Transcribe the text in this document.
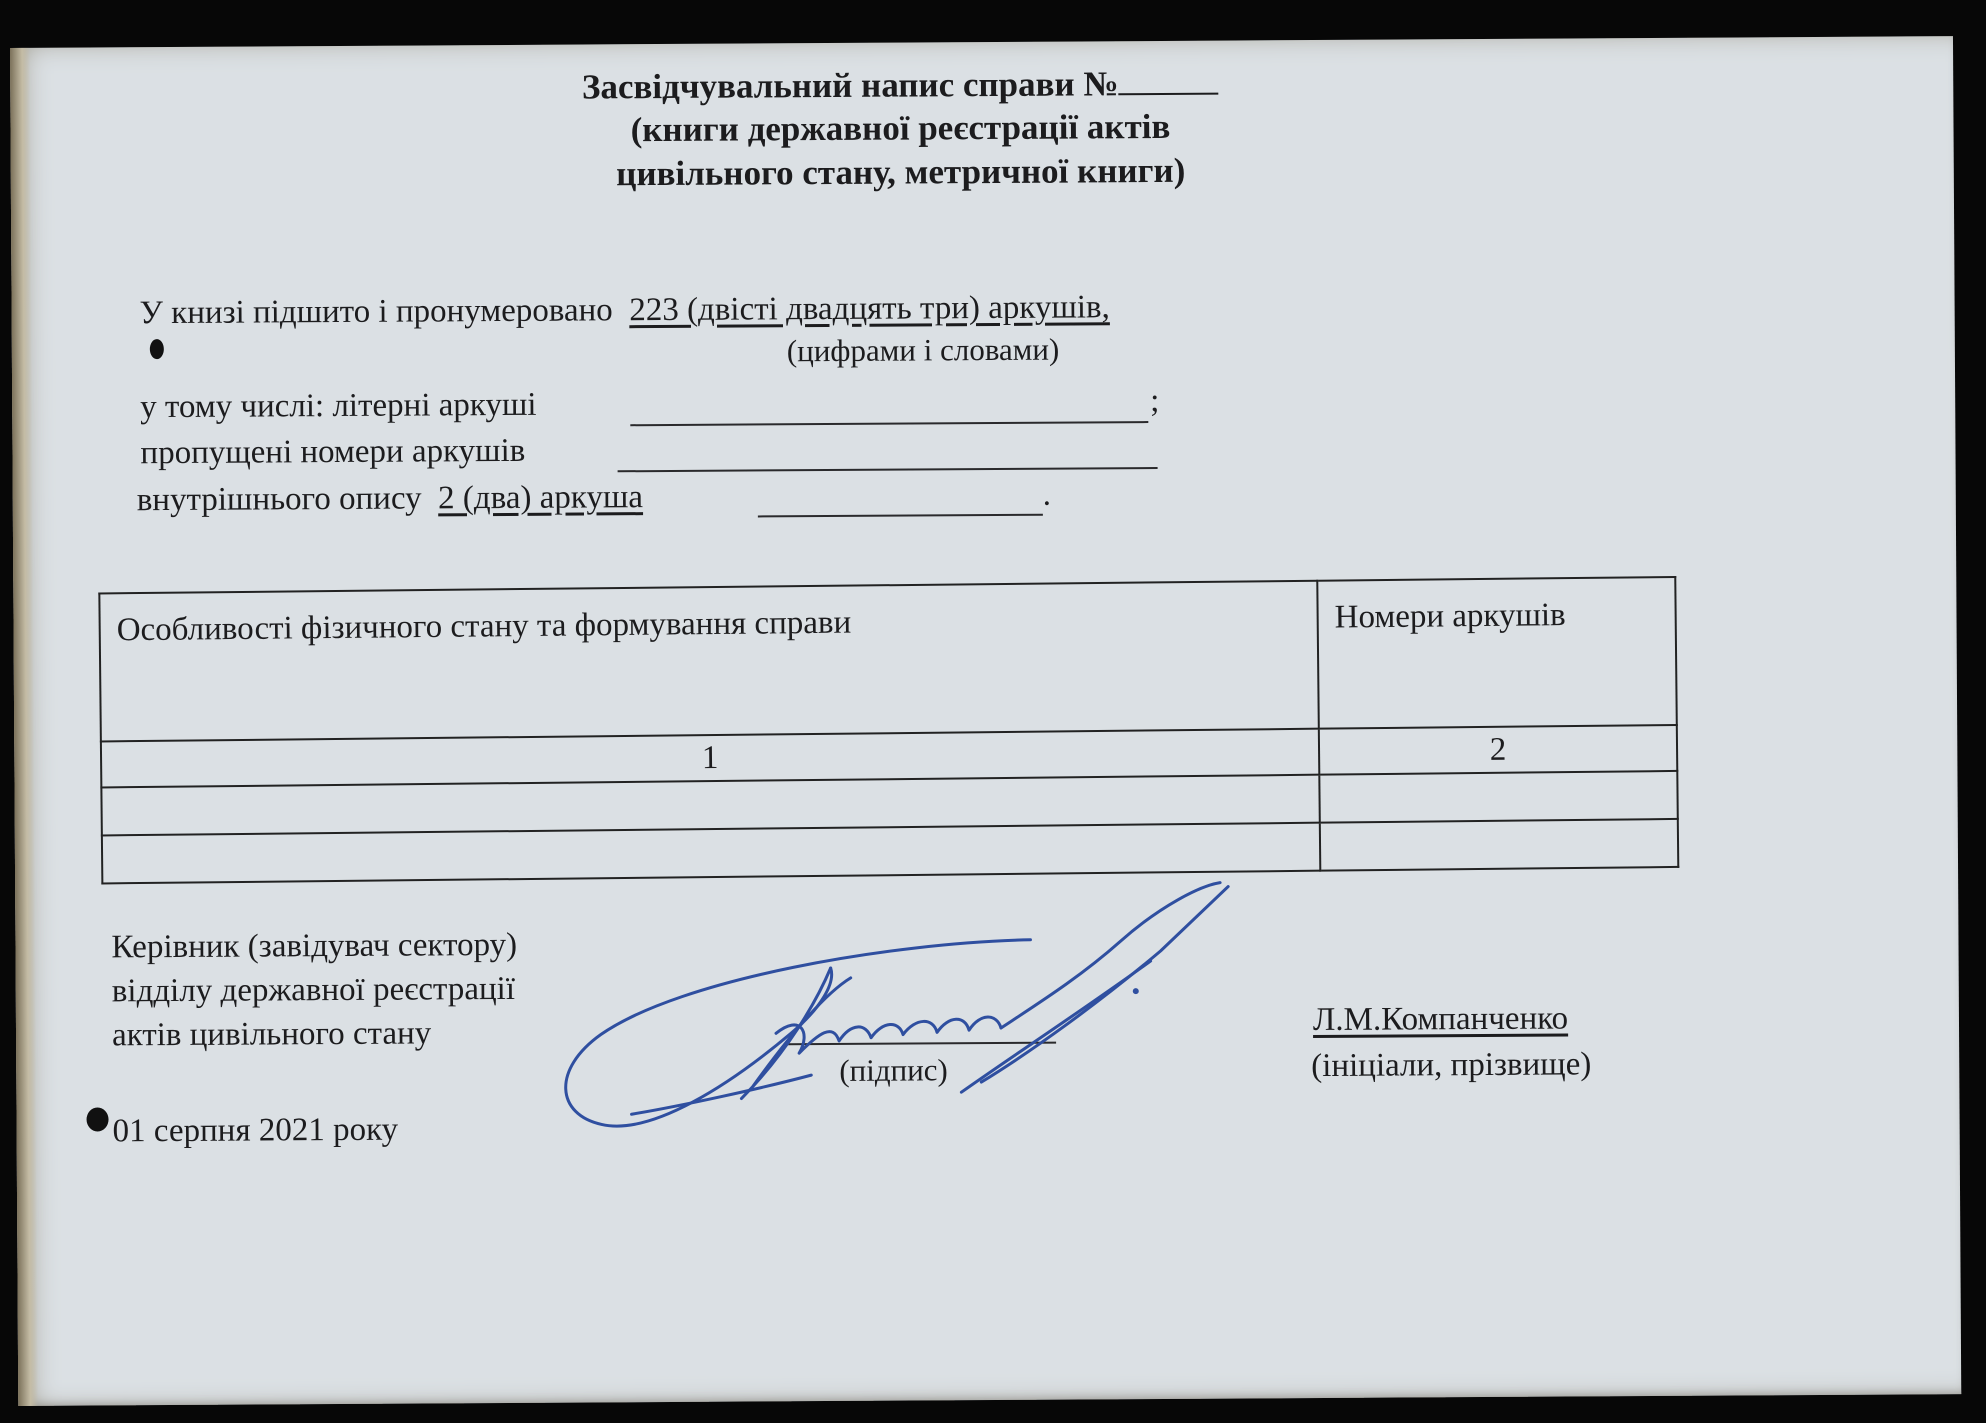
Засвідчувальний напис справи №
(книги державної реєстрації актів
цивільного стану, метричної книги)
У книзі підшито і пронумеровано 223 (двісті двадцять три) аркушів,
(цифрами і словами)
у тому числі: літерні аркуші	;
пропущені номери аркушів
внутрішнього опису 2 (два) аркуша	.
Особливості фізичного стану та формування справи	Номери аркушів
1	2

Керівник (завідувач сектору)
відділу державної реєстрації
актів цивільного стану
(підпис)
Л.М.Компанченко
(ініціали, прізвище)
01 серпня 2021 року
